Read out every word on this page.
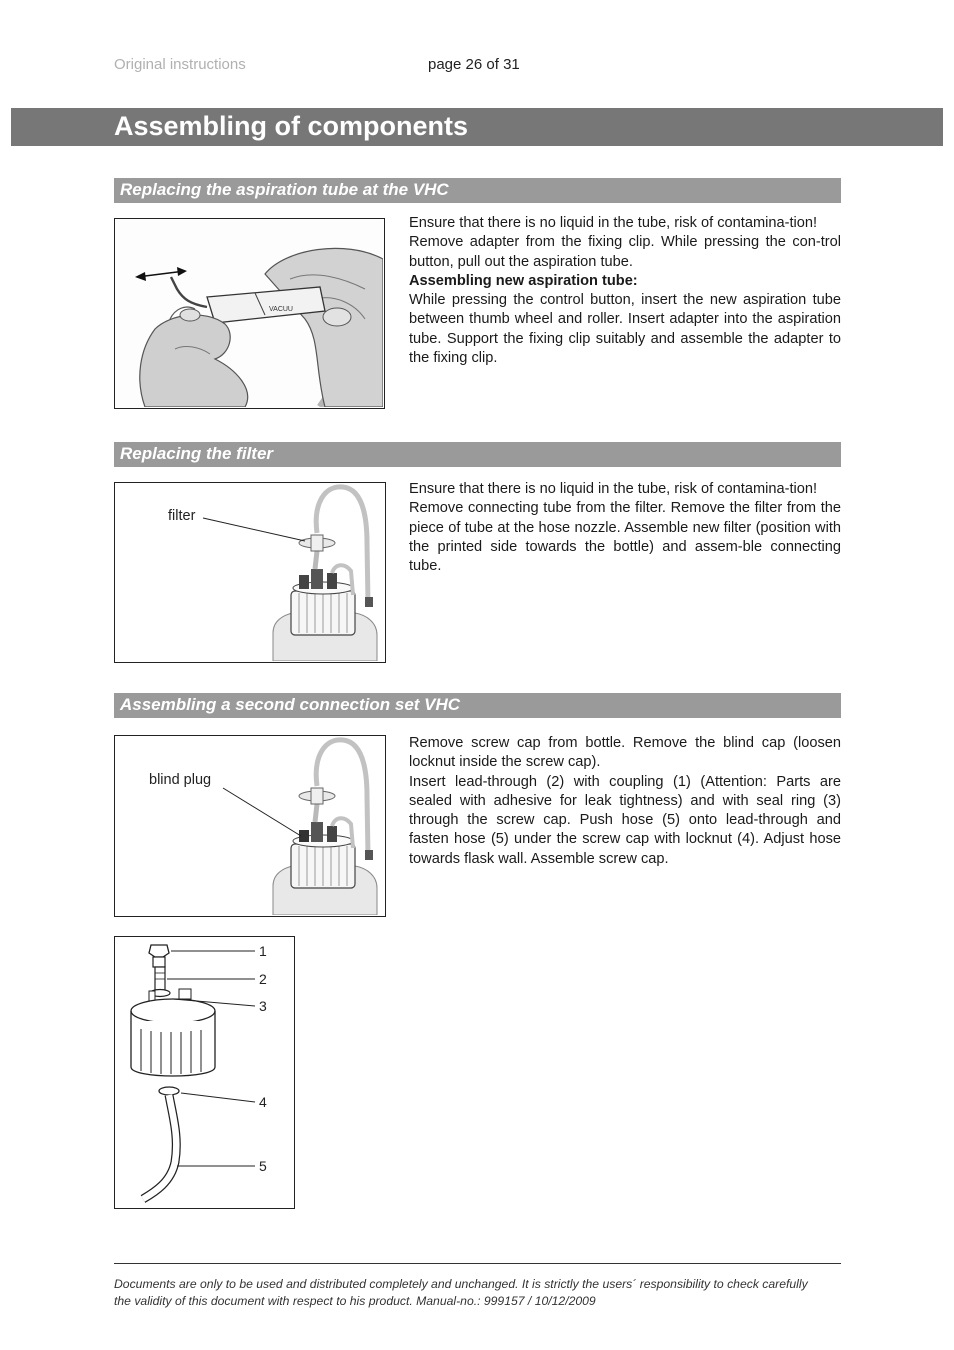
Original instructions	page 26 of 31
Assembling of components
Replacing the aspiration tube at the VHC
VACUU

Ensure that there is no liquid in the tube, risk of contamina-tion!

Remove adapter from the fixing clip. While pressing the con-trol button, pull out the aspiration tube.

Assembling new aspiration tube:

While pressing the control button, insert the new aspiration tube between thumb wheel and roller. Insert adapter into the aspiration tube. Support the fixing clip suitably and assemble the adapter to the fixing clip.

Replacing the filter
filter

Ensure that there is no liquid in the tube, risk of contamina-tion!

Remove connecting tube from the filter. Remove the filter from the piece of tube at the hose nozzle. Assemble new filter (position with the printed side towards the bottle) and assem-ble connecting tube.

Assembling a second connection set VHC
blind plug

Remove screw cap from bottle. Remove the blind cap (loosen locknut inside the screw cap).

Insert lead-through (2) with coupling (1) (Attention: Parts are sealed with adhesive for leak tightness) and with seal ring (3) through the screw cap. Push hose (5) onto lead-through and fasten hose (5) under the screw cap with locknut (4). Adjust hose towards flask wall. Assemble screw cap.

1
2
3
4
5

Documents are only to be used and distributed completely and unchanged. It is strictly the users´ responsibility to check carefully

the validity of this document with respect to his product. Manual-no.: 999157 / 10/12/2009
